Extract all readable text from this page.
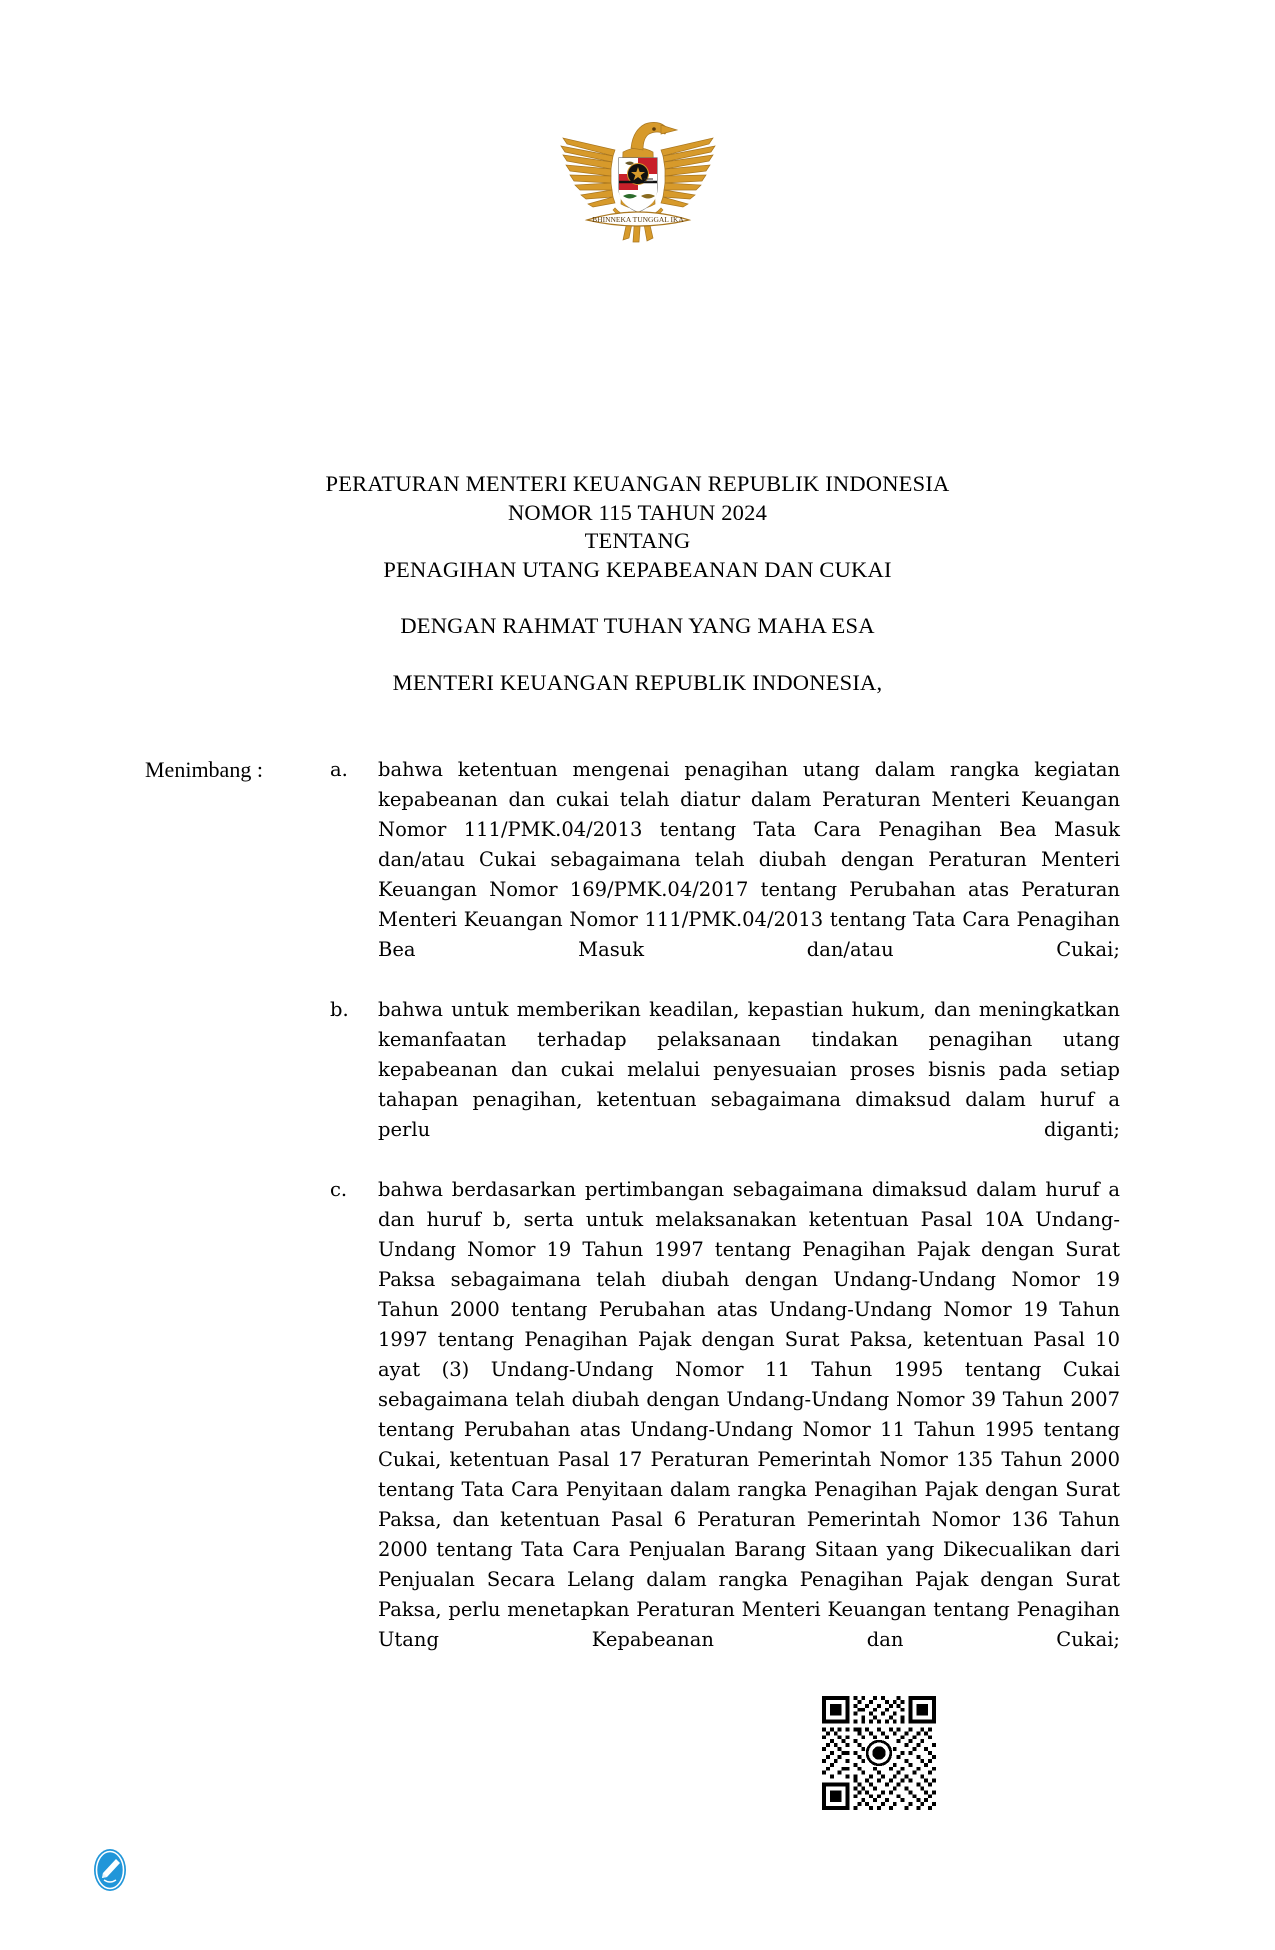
BHINNEKA TUNGGAL IKA
PERATURAN MENTERI KEUANGAN REPUBLIK INDONESIA
NOMOR 115 TAHUN 2024
TENTANG
PENAGIHAN UTANG KEPABEANAN DAN CUKAI
DENGAN RAHMAT TUHAN YANG MAHA ESA
MENTERI KEUANGAN REPUBLIK INDONESIA,
Menimbang :	a.	bahwa ketentuan mengenai penagihan utang dalam rangka kegiatan kepabeanan dan cukai telah diatur dalam Peraturan Menteri Keuangan Nomor 111/PMK.04/2013 tentang Tata Cara Penagihan Bea Masuk dan/atau Cukai sebagaimana telah diubah dengan Peraturan Menteri Keuangan Nomor 169/PMK.04/2017 tentang Perubahan atas Peraturan Menteri Keuangan Nomor 111/PMK.04/2013 tentang Tata Cara Penagihan Bea Masuk dan/atau Cukai;
b.	bahwa untuk memberikan keadilan, kepastian hukum, dan meningkatkan kemanfaatan terhadap pelaksanaan tindakan penagihan utang kepabeanan dan cukai melalui penyesuaian proses bisnis pada setiap tahapan penagihan, ketentuan sebagaimana dimaksud dalam huruf a perlu diganti;
c.	bahwa berdasarkan pertimbangan sebagaimana dimaksud dalam huruf a dan huruf b, serta untuk melaksanakan ketentuan Pasal 10A Undang-Undang Nomor 19 Tahun 1997 tentang Penagihan Pajak dengan Surat Paksa sebagaimana telah diubah dengan Undang-Undang Nomor 19 Tahun 2000 tentang Perubahan atas Undang-Undang Nomor 19 Tahun 1997 tentang Penagihan Pajak dengan Surat Paksa, ketentuan Pasal 10 ayat (3) Undang-Undang Nomor 11 Tahun 1995 tentang Cukai sebagaimana telah diubah dengan Undang-Undang Nomor 39 Tahun 2007 tentang Perubahan atas Undang-Undang Nomor 11 Tahun 1995 tentang Cukai, ketentuan Pasal 17 Peraturan Pemerintah Nomor 135 Tahun 2000 tentang Tata Cara Penyitaan dalam rangka Penagihan Pajak dengan Surat Paksa, dan ketentuan Pasal 6 Peraturan Pemerintah Nomor 136 Tahun 2000 tentang Tata Cara Penjualan Barang Sitaan yang Dikecualikan dari Penjualan Secara Lelang dalam rangka Penagihan Pajak dengan Surat Paksa, perlu menetapkan Peraturan Menteri Keuangan tentang Penagihan Utang Kepabeanan dan Cukai;
